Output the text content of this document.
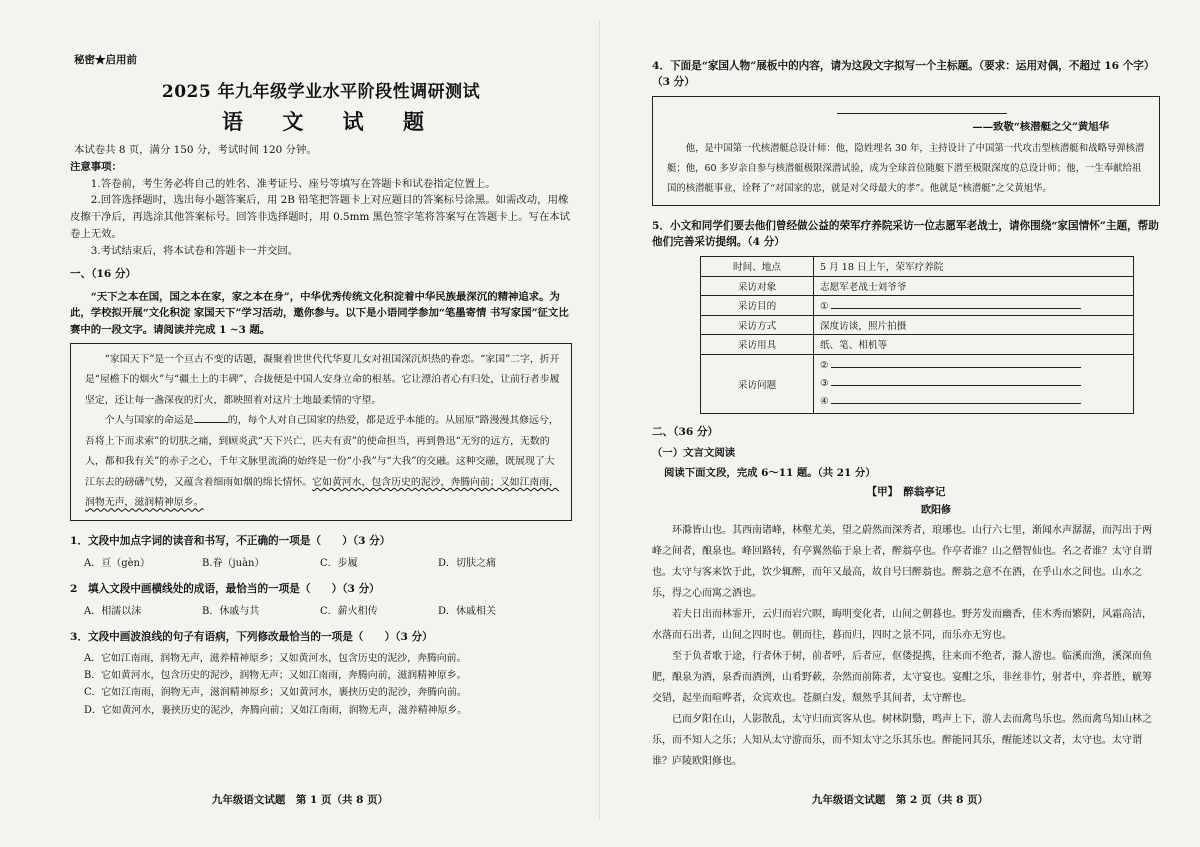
秘密★启用前

2025 年九年级学业水平阶段性调研测试

语 文 试 题

本试卷共 8 页，满分 150 分，考试时间 120 分钟。

注意事项：

1.答卷前，考生务必将自己的姓名、准考证号、座号等填写在答题卡和试卷指定位置上。

2.回答选择题时，选出每小题答案后，用 2B 铅笔把答题卡上对应题目的答案标号涂黑。如需改动，用橡皮擦干净后，再选涂其他答案标号。回答非选择题时，用 0.5mm 黑色签字笔将答案写在答题卡上。写在本试卷上无效。

3.考试结束后，将本试卷和答题卡一并交回。

一、（16 分）

“天下之本在国，国之本在家，家之本在身”，中华优秀传统文化积淀着中华民族最深沉的精神追求。为此，学校拟开展“文化积淀 家国天下”学习活动，邀你参与。以下是小语同学参加“笔墨寄情 书写家国”征文比赛中的一段文字。请阅读并完成 1 ~3 题。

“家国天下”是一个亘古不变的话题，凝聚着世世代代华夏儿女对祖国深沉炽热的眷恋。“家国”二字，折开是“屋檐下的烟火”与“疆土上的丰碑”，合拢便是中国人安身立命的根基。它让漂泊者心有归处，让前行者步履坚定，还让每一盏深夜的灯火，都映照着对这片土地最柔情的守望。

个人与国家的命运是	的，每个人对自己国家的热爱，都是近乎本能的。从屈原“路漫漫其修远兮，吾将上下而求索”的切肤之痛，到顾炎武“天下兴亡，匹夫有责”的使命担当，再到鲁迅“无穷的远方，无数的人，都和我有关”的赤子之心，千年文脉里流淌的始终是一份“小我”与“大我”的交融。这种交融，既展现了大江东去的磅礴气势，又蕴含着细雨如烟的绵长情怀。它如黄河水，包含历史的泥沙，奔腾向前；又如江南雨，润物无声，滋润精神原乡。

1．文段中加点字词的读音和书写，不正确的一项是（　　）（3 分）

A．亘（gèn）	B.眷（juàn）	C．步履	D．切肤之痛

2　填入文段中画横线处的成语，最恰当的一项是（　　）（3 分）

A．相濡以沫	B．休戚与共	C．薪火相传	D．休戚相关

3．文段中画波浪线的句子有语病，下列修改最恰当的一项是（　　）（3 分）

A．它如江南雨，润物无声，滋养精神原乡；又如黄河水，包含历史的泥沙，奔腾向前。
B．它如黄河水，包含历史的泥沙，润物无声；又如江南雨，奔腾向前，滋润精神原乡。
C．它如江南雨，润物无声，滋润精神原乡；又如黄河水，裹挟历史的泥沙，奔腾向前。
D．它如黄河水，裹挟历史的泥沙，奔腾向前；又如江南雨，润物无声，滋养精神原乡。
九年级语文试题　第 1 页（共 8 页）

4．下面是“家国人物”展板中的内容，请为这段文字拟写一个主标题。（要求：运用对偶，不超过 16 个字）（3 分）

——致敬“核潜艇之父”黄旭华

他，是中国第一代核潜艇总设计师：他，隐姓埋名 30 年，主持设计了中国第一代攻击型核潜艇和战略导弹核潜艇；他，60 多岁亲自参与核潜艇极限深潜试验，成为全球首位随艇下潜至极限深度的总设计师；他，一生奉献给祖国的核潜艇事业，诠释了“对国家的忠，就是对父母最大的孝”。他就是“核潜艇”之父黄旭华。

5．小文和同学们要去他们曾经做公益的荣军疗养院采访一位志愿军老战士，请你围绕“家国情怀”主题，帮助他们完善采访提纲。（4 分）

时间、地点	5 月 18 日上午，荣军疗养院
采访对象	志愿军老战士刘爷爷
采访目的	①
采访方式	深度访谈，照片拍摄
采访用具	纸、笔、相机等
采访问题	②
③
④

二、（36 分）

（一）文言文阅读

阅读下面文段，完成 6～11 题。（共 21 分）

【甲】　醉翁亭记

欧阳修

环滁皆山也。其西南诸峰，林壑尤美，望之蔚然而深秀者，琅琊也。山行六七里，渐闻水声潺潺，而泻出于两峰之间者，酿泉也。峰回路转，有亭翼然临于泉上者，醉翁亭也。作亭者谁？山之僧智仙也。名之者谁？太守自谓也。太守与客来饮于此，饮少辄醉，而年又最高，故自号曰醉翁也。醉翁之意不在酒，在乎山水之间也。山水之乐，得之心而寓之酒也。

若夫日出而林霏开，云归而岩穴暝，晦明变化者，山间之朝暮也。野芳发而幽香，佳木秀而繁阴，风霜高洁，水落而石出者，山间之四时也。朝而往，暮而归，四时之景不同，而乐亦无穷也。

至于负者歌于途，行者休于树，前者呼，后者应，伛偻提携，往来而不绝者，滁人游也。临溪而渔，溪深而鱼肥，酿泉为酒，泉香而酒洌，山肴野蔌，杂然而前陈者，太守宴也。宴酣之乐，非丝非竹，射者中，弈者胜，觥筹交错，起坐而喧哗者，众宾欢也。苍颜白发，颓然乎其间者，太守醉也。

已而夕阳在山，人影散乱，太守归而宾客从也。树林阴翳，鸣声上下，游人去而禽鸟乐也。然而禽鸟知山林之乐，而不知人之乐；人知从太守游而乐，而不知太守之乐其乐也。醉能同其乐，醒能述以文者，太守也。太守谓谁？庐陵欧阳修也。

九年级语文试题　第 2 页（共 8 页）
